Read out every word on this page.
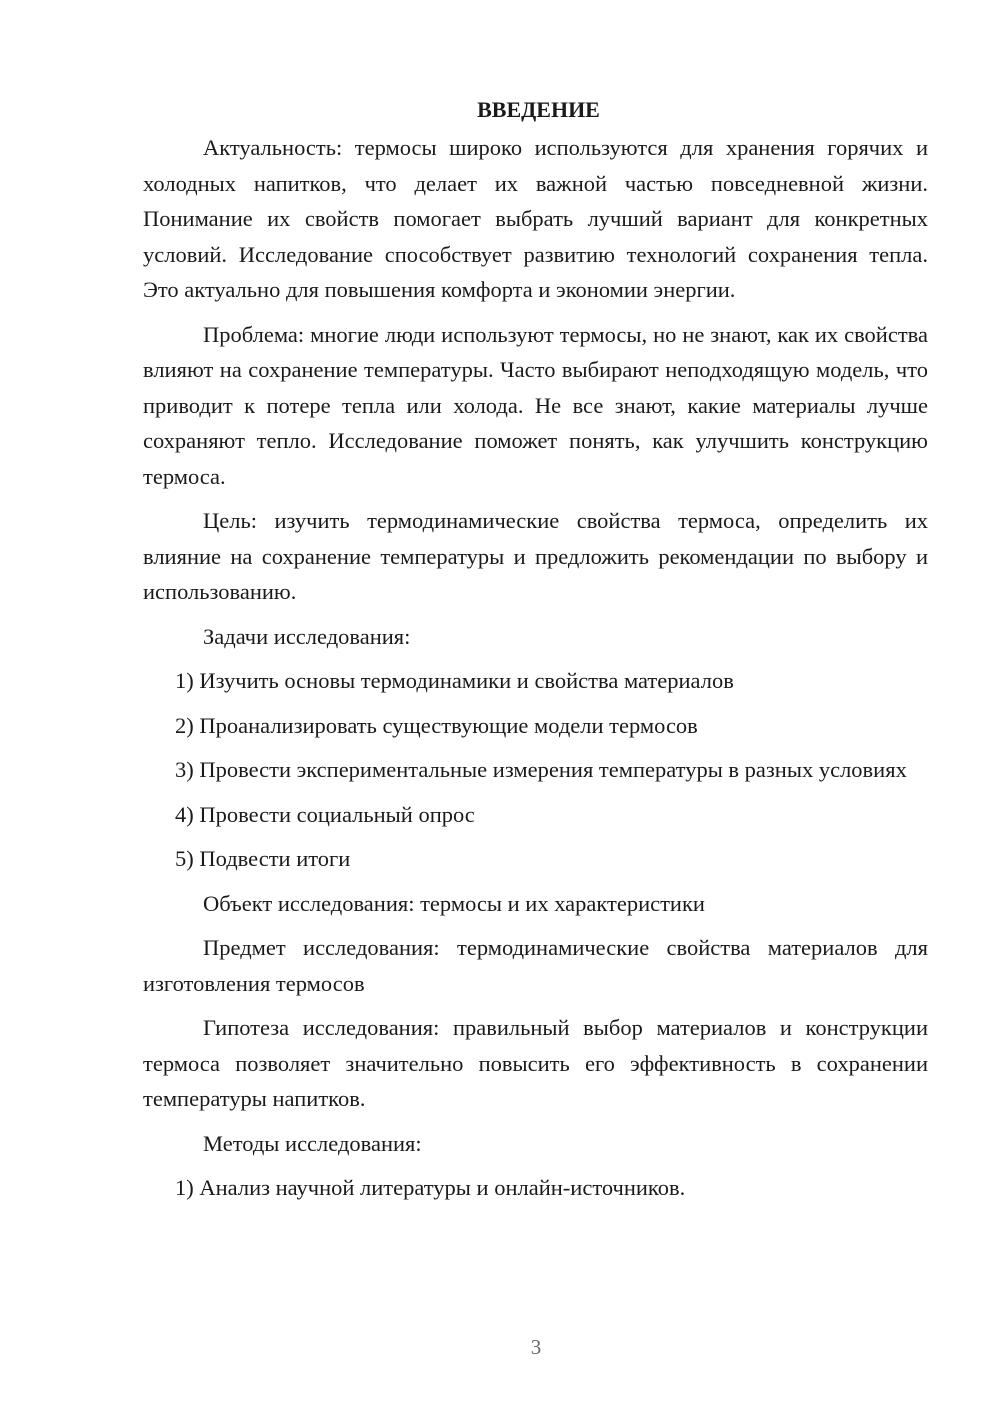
ВВЕДЕНИЕ

Актуальность: термосы широко используются для хранения горячих и холодных напитков, что делает их важной частью повседневной жизни. Понимание их свойств помогает выбрать лучший вариант для конкретных условий. Исследование способствует развитию технологий сохранения тепла. Это актуально для повышения комфорта и экономии энергии.

Проблема: многие люди используют термосы, но не знают, как их свойства влияют на сохранение температуры. Часто выбирают неподходящую модель, что приводит к потере тепла или холода. Не все знают, какие материалы лучше сохраняют тепло. Исследование поможет понять, как улучшить конструкцию термоса.

Цель: изучить термодинамические свойства термоса, определить их влияние на сохранение температуры и предложить рекомендации по выбору и использованию.

Задачи исследования:

1) Изучить основы термодинамики и свойства материалов

2) Проанализировать существующие модели термосов

3) Провести экспериментальные измерения температуры в разных условиях

4) Провести социальный опрос

5) Подвести итоги

Объект исследования: термосы и их характеристики

Предмет исследования: термодинамические свойства материалов для изготовления термосов

Гипотеза исследования: правильный выбор материалов и конструкции термоса позволяет значительно повысить его эффективность в сохранении температуры напитков.

Методы исследования:

1) Анализ научной литературы и онлайн-источников.

3
